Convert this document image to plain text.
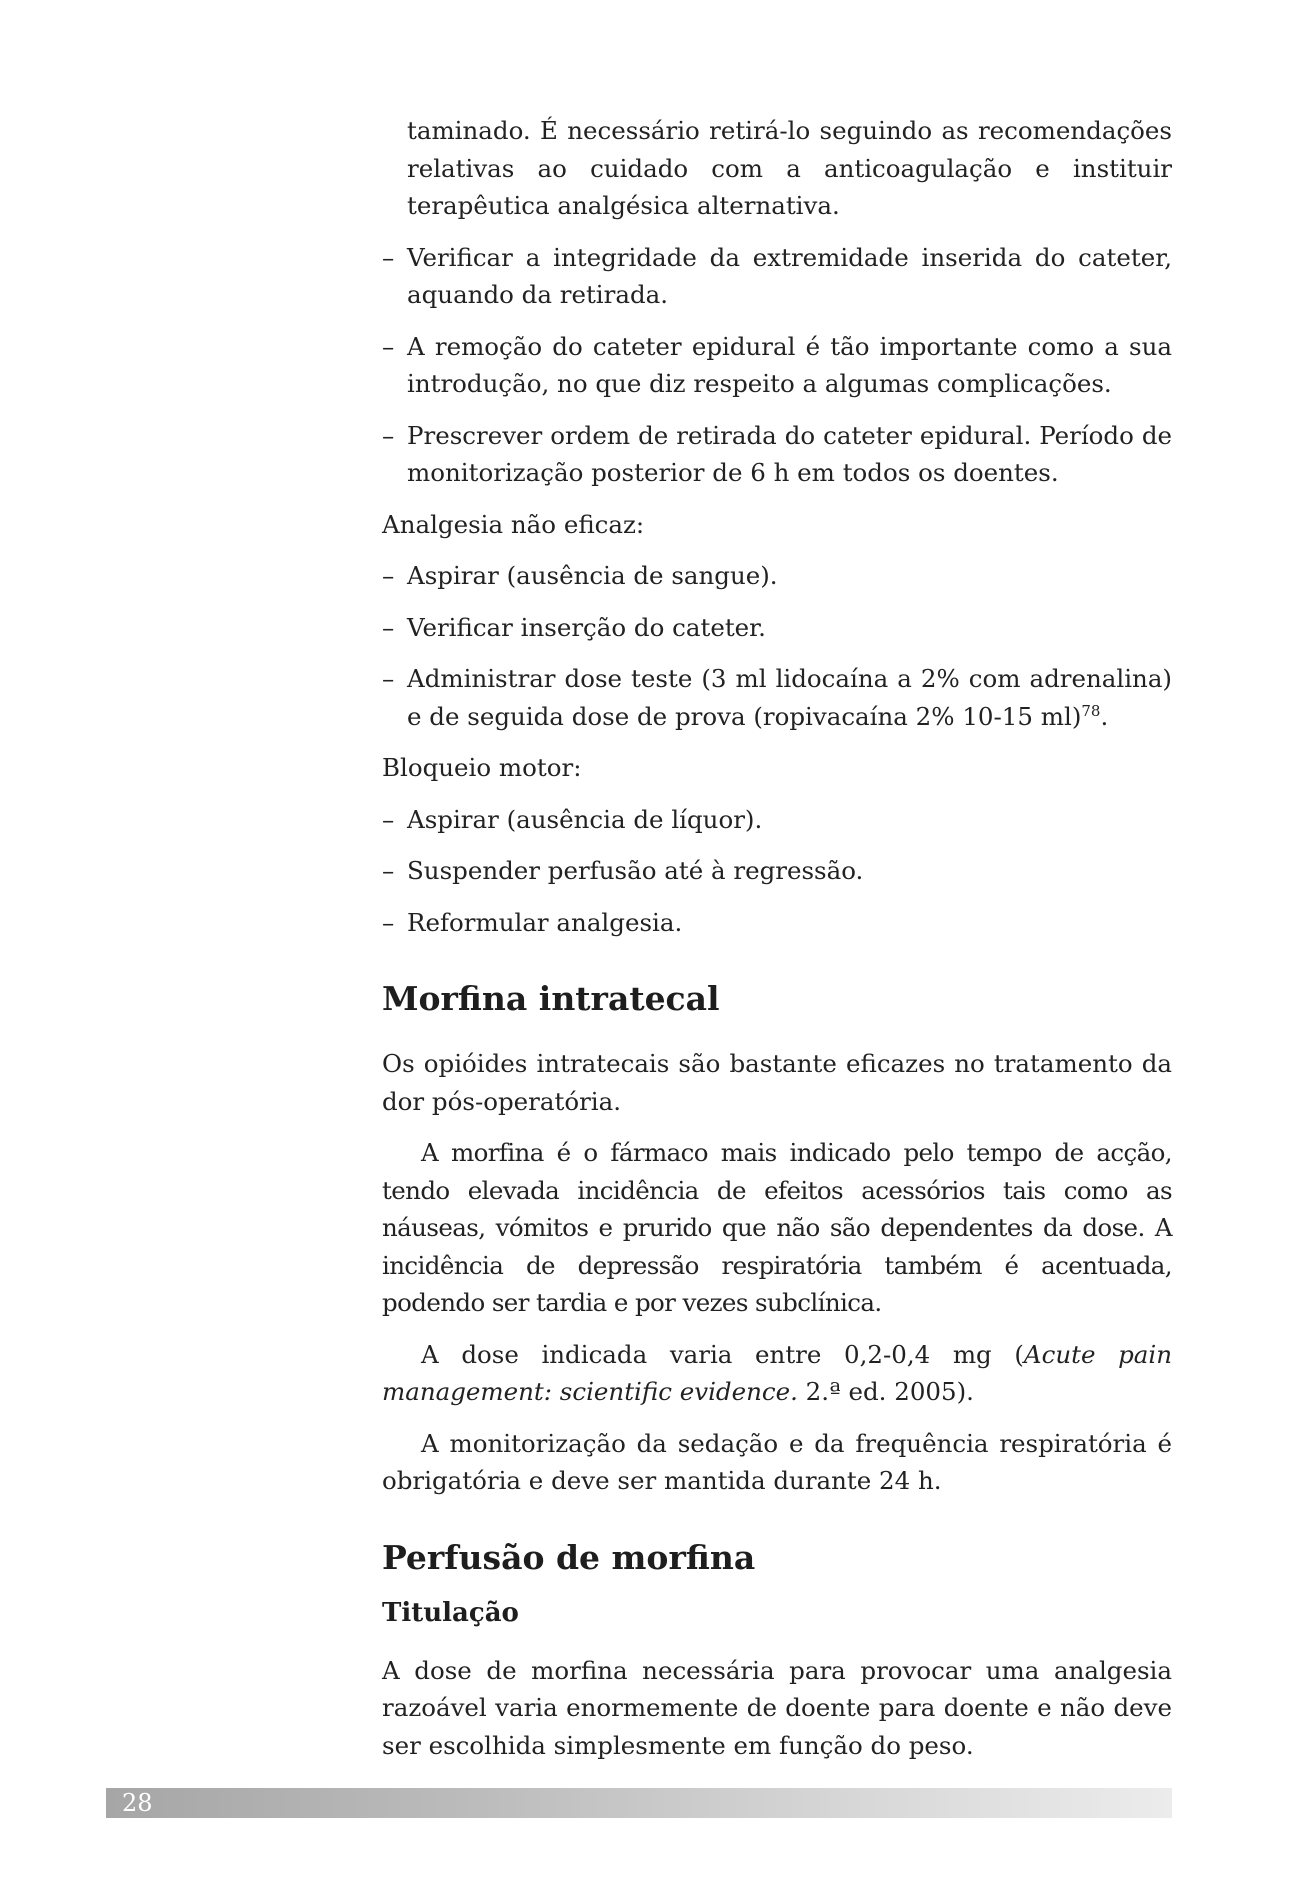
taminado. É necessário retirá-lo seguindo as recomendações relativas ao cuidado com a anticoagulação e instituir terapêutica analgésica alternativa.

– Verificar a integridade da extremidade inserida do cateter, aquando da retirada.

– A remoção do cateter epidural é tão importante como a sua introdução, no que diz respeito a algumas complicações.

– Prescrever ordem de retirada do cateter epidural. Período de monitorização posterior de 6 h em todos os doentes.

Analgesia não eficaz:

– Aspirar (ausência de sangue).

– Verificar inserção do cateter.

– Administrar dose teste (3 ml lidocaína a 2% com adrenalina) e de seguida dose de prova (ropivacaína 2% 10-15 ml)$^{78}$.

Bloqueio motor:

– Aspirar (ausência de líquor).

– Suspender perfusão até à regressão.

– Reformular analgesia.

Morfina intratecal

Os opióides intratecais são bastante eficazes no tratamento da dor pós-operatória.

A morfina é o fármaco mais indicado pelo tempo de acção, tendo elevada incidência de efeitos acessórios tais como as náuseas, vómitos e prurido que não são dependentes da dose. A incidência de depressão respiratória também é acentuada, podendo ser tardia e por vezes subclínica.

A dose indicada varia entre 0,2-0,4 mg (Acute pain management: scientific evidence. 2.ª ed. 2005).

A monitorização da sedação e da frequência respiratória é obrigatória e deve ser mantida durante 24 h.

Perfusão de morfina

Titulação

A dose de morfina necessária para provocar uma analgesia razoável varia enormemente de doente para doente e não deve ser escolhida simplesmente em função do peso.

28
